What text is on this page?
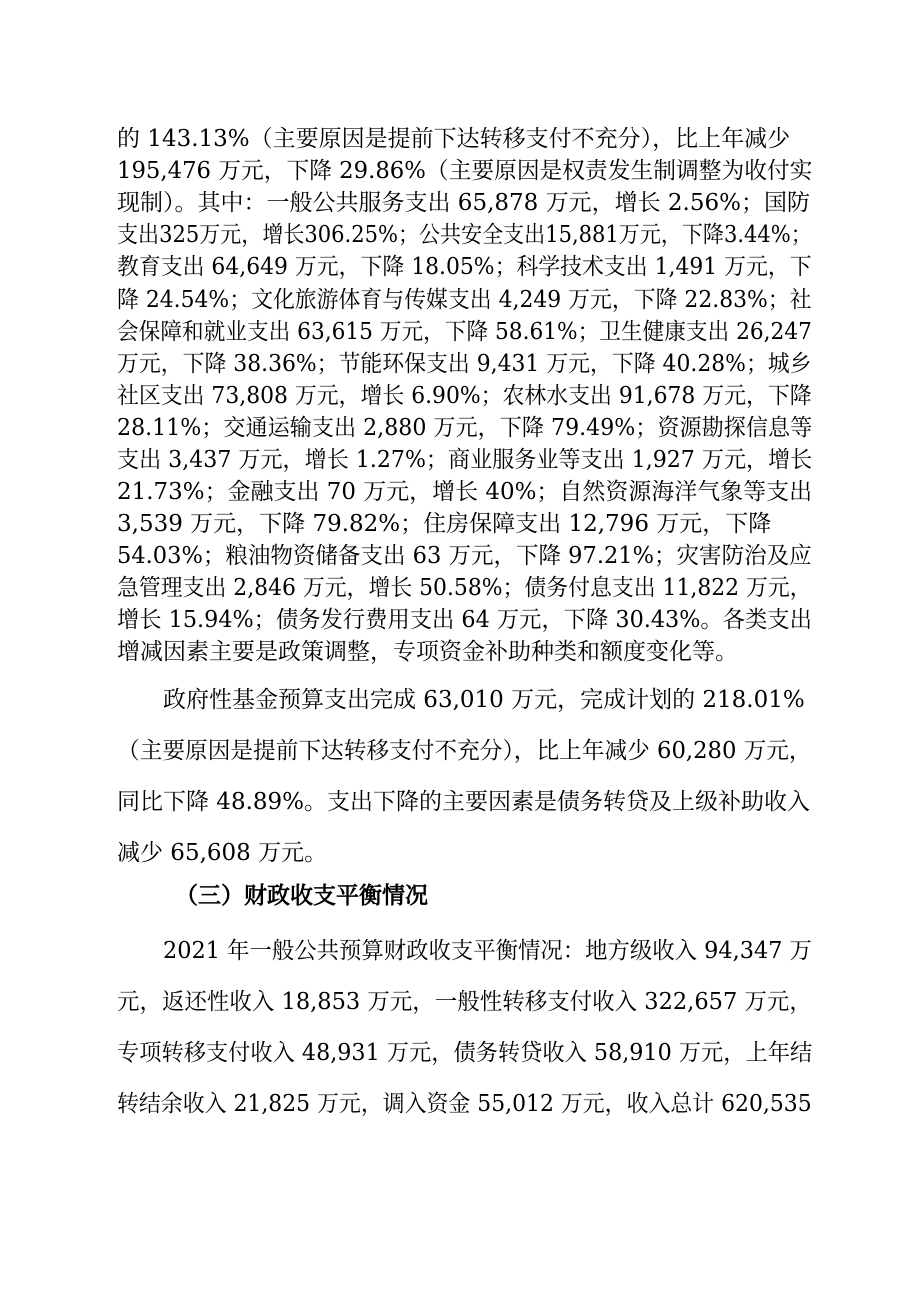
的 143.13%（主要原因是提前下达转移支付不充分），比上年减少
195,476 万元，下降 29.86%（主要原因是权责发生制调整为收付实
现制）。其中：一般公共服务支出 65,878 万元，增长 2.56%；国防
支出325万元，增长306.25%；公共安全支出15,881万元，下降3.44%；
教育支出 64,649 万元，下降 18.05%；科学技术支出 1,491 万元，下
降 24.54%；文化旅游体育与传媒支出 4,249 万元，下降 22.83%；社
会保障和就业支出 63,615 万元，下降 58.61%；卫生健康支出 26,247
万元，下降 38.36%；节能环保支出 9,431 万元，下降 40.28%；城乡
社区支出 73,808 万元，增长 6.90%；农林水支出 91,678 万元，下降
28.11%；交通运输支出 2,880 万元，下降 79.49%；资源勘探信息等
支出 3,437 万元，增长 1.27%；商业服务业等支出 1,927 万元，增长
21.73%；金融支出 70 万元，增长 40%；自然资源海洋气象等支出
3,539 万元，下降 79.82%；住房保障支出 12,796 万元，下降
54.03%；粮油物资储备支出 63 万元，下降 97.21%；灾害防治及应
急管理支出 2,846 万元，增长 50.58%；债务付息支出 11,822 万元，
增长 15.94%；债务发行费用支出 64 万元，下降 30.43%。各类支出
增减因素主要是政策调整，专项资金补助种类和额度变化等。
政府性基金预算支出完成 63,010 万元，完成计划的 218.01%
（主要原因是提前下达转移支付不充分），比上年减少 60,280 万元，
同比下降 48.89%。支出下降的主要因素是债务转贷及上级补助收入
减少 65,608 万元。
（三）财政收支平衡情况
2021 年一般公共预算财政收支平衡情况：地方级收入 94,347 万
元，返还性收入 18,853 万元，一般性转移支付收入 322,657 万元，
专项转移支付收入 48,931 万元，债务转贷收入 58,910 万元，上年结
转结余收入 21,825 万元，调入资金 55,012 万元，收入总计 620,535
